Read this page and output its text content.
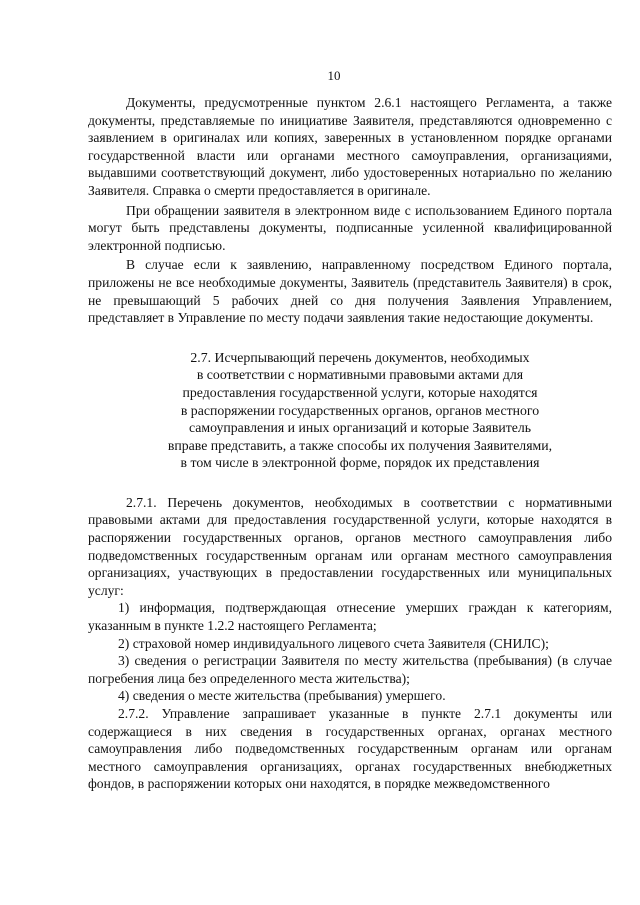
10

Документы, предусмотренные пунктом 2.6.1 настоящего Регламента, а также документы, представляемые по инициативе Заявителя, представляются одновременно с заявлением в оригиналах или копиях, заверенных в установленном порядке органами государственной власти или органами местного самоуправления, организациями, выдавшими соответствующий документ, либо удостоверенных нотариально по желанию Заявителя. Справка о смерти предоставляется в оригинале.

При обращении заявителя в электронном виде с использованием Единого портала могут быть представлены документы, подписанные усиленной квалифицированной электронной подписью.

В случае если к заявлению, направленному посредством Единого портала, приложены не все необходимые документы, Заявитель (представитель Заявителя) в срок, не превышающий 5 рабочих дней со дня получения Заявления Управлением, представляет в Управление по месту подачи заявления такие недостающие документы.

2.7. Исчерпывающий перечень документов, необходимых
в соответствии с нормативными правовыми актами для
предоставления государственной услуги, которые находятся
в распоряжении государственных органов, органов местного
самоуправления и иных организаций и которые Заявитель
вправе представить, а также способы их получения Заявителями,
в том числе в электронной форме, порядок их представления

2.7.1. Перечень документов, необходимых в соответствии с нормативными правовыми актами для предоставления государственной услуги, которые находятся в распоряжении государственных органов, органов местного самоуправления либо подведомственных государственным органам или органам местного самоуправления организациях, участвующих в предоставлении государственных или муниципальных услуг:

1) информация, подтверждающая отнесение умерших граждан к категориям, указанным в пункте 1.2.2 настоящего Регламента;

2) страховой номер индивидуального лицевого счета Заявителя (СНИЛС);

3) сведения о регистрации Заявителя по месту жительства (пребывания) (в случае погребения лица без определенного места жительства);

4) сведения о месте жительства (пребывания) умершего.

2.7.2. Управление запрашивает указанные в пункте 2.7.1 документы или содержащиеся в них сведения в государственных органах, органах местного самоуправления либо подведомственных государственным органам или органам местного самоуправления организациях, органах государственных внебюджетных фондов, в распоряжении которых они находятся, в порядке межведомственного
